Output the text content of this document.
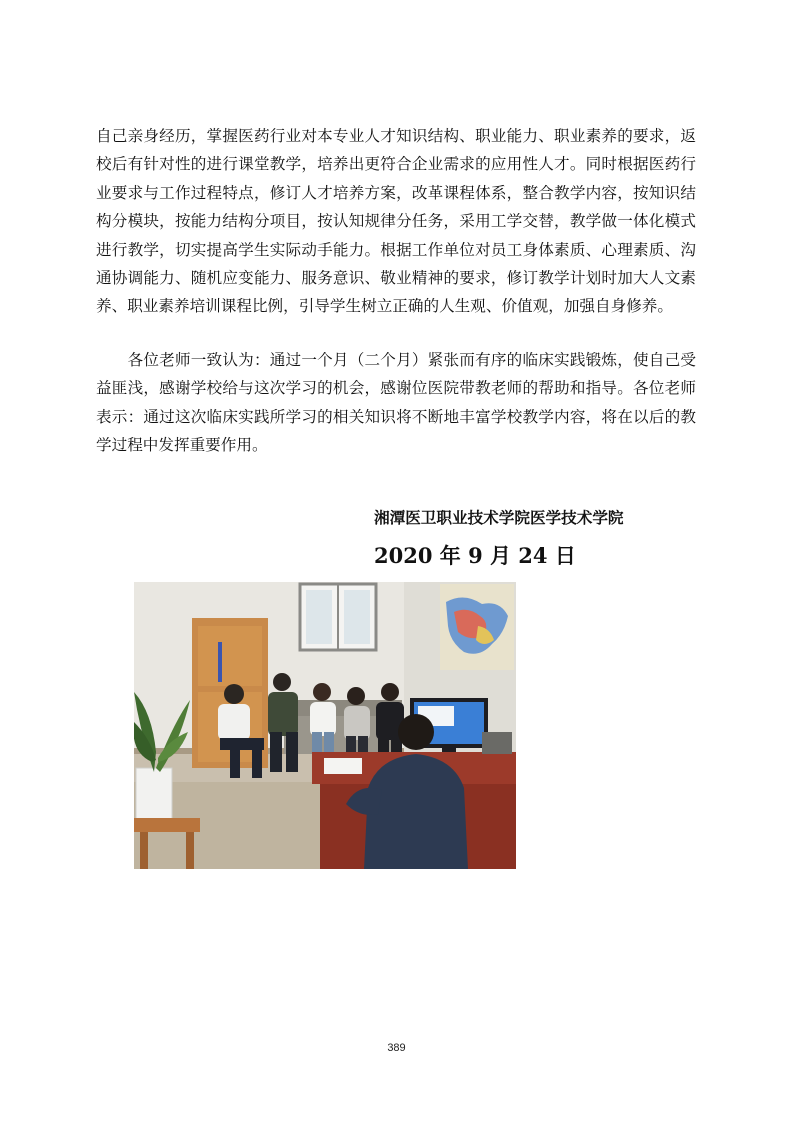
自己亲身经历，掌握医药行业对本专业人才知识结构、职业能力、职业素养的要求，返
校后有针对性的进行课堂教学，培养出更符合企业需求的应用性人才。同时根据医药行
业要求与工作过程特点，修订人才培养方案，改革课程体系，整合教学内容，按知识结
构分模块，按能力结构分项目，按认知规律分任务，采用工学交替，教学做一体化模式
进行教学，切实提高学生实际动手能力。根据工作单位对员工身体素质、心理素质、沟
通协调能力、随机应变能力、服务意识、敬业精神的要求，修订教学计划时加大人文素
养、职业素养培训课程比例，引导学生树立正确的人生观、价值观，加强自身修养。
　　各位老师一致认为：通过一个月（二个月）紧张而有序的临床实践锻炼，使自己受
益匪浅，感谢学校给与这次学习的机会，感谢位医院带教老师的帮助和指导。各位老师
表示：通过这次临床实践所学习的相关知识将不断地丰富学校教学内容，将在以后的教
学过程中发挥重要作用。
湘潭医卫职业技术学院医学技术学院
2020 年 9 月 24 日
389
